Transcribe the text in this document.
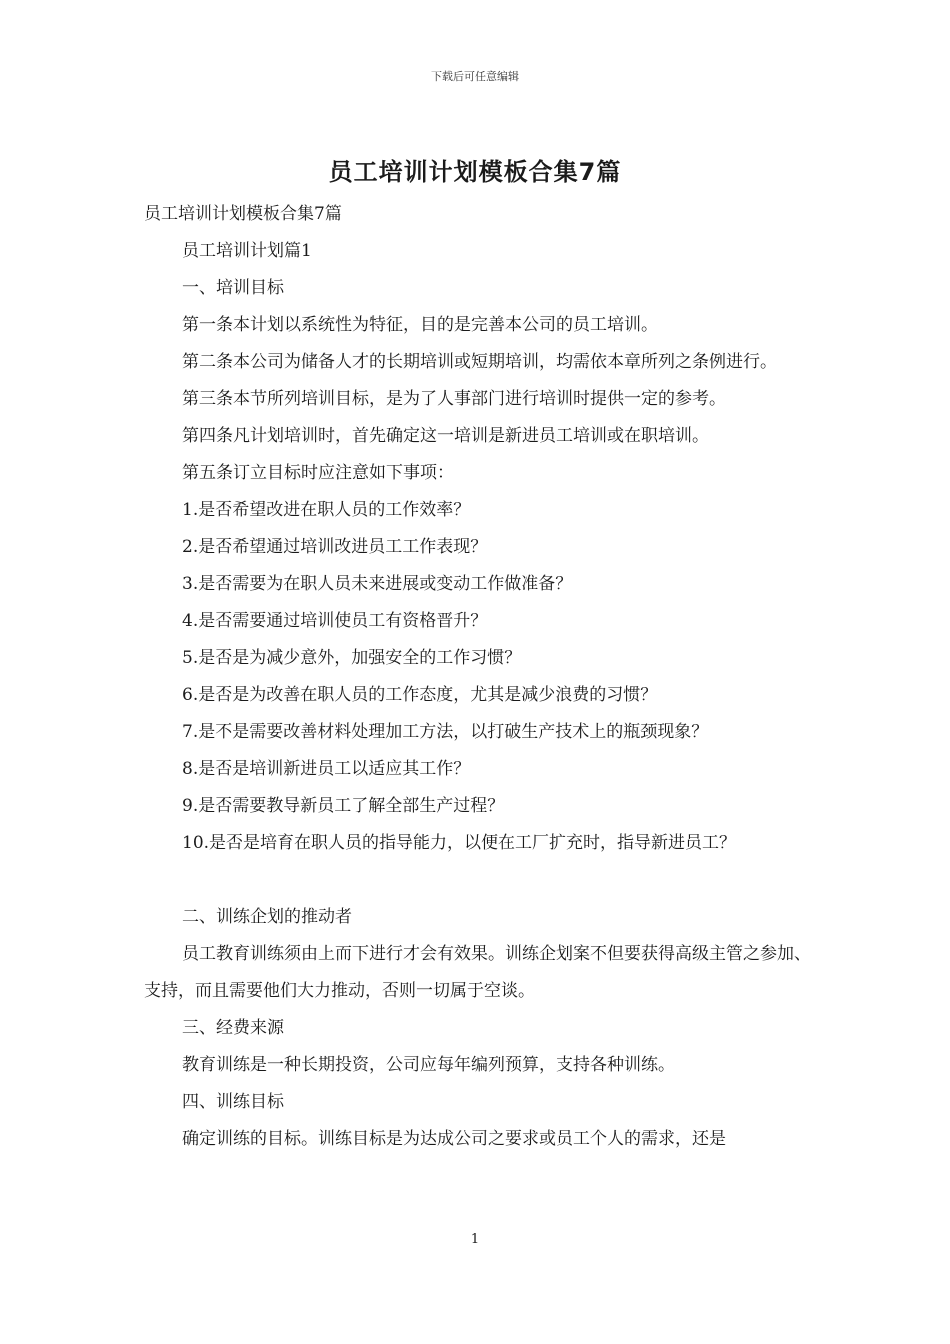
下载后可任意编辑
员工培训计划模板合集7篇

员工培训计划模板合集7篇

员工培训计划篇1

一、培训目标

第一条本计划以系统性为特征，目的是完善本公司的员工培训。

第二条本公司为储备人才的长期培训或短期培训，均需依本章所列之条例进行。

第三条本节所列培训目标，是为了人事部门进行培训时提供一定的参考。

第四条凡计划培训时，首先确定这一培训是新进员工培训或在职培训。

第五条订立目标时应注意如下事项：

1.是否希望改进在职人员的工作效率？

2.是否希望通过培训改进员工工作表现？

3.是否需要为在职人员未来进展或变动工作做准备？

4.是否需要通过培训使员工有资格晋升？

5.是否是为减少意外，加强安全的工作习惯？

6.是否是为改善在职人员的工作态度，尤其是减少浪费的习惯？

7.是不是需要改善材料处理加工方法，以打破生产技术上的瓶颈现象？

8.是否是培训新进员工以适应其工作？

9.是否需要教导新员工了解全部生产过程？

10.是否是培育在职人员的指导能力，以便在工厂扩充时，指导新进员工？

二、训练企划的推动者

员工教育训练须由上而下进行才会有效果。训练企划案不但要获得高级主管之参加、支持，而且需要他们大力推动，否则一切属于空谈。

三、经费来源

教育训练是一种长期投资，公司应每年编列预算，支持各种训练。

四、训练目标

确定训练的目标。训练目标是为达成公司之要求或员工个人的需求，还是

1
